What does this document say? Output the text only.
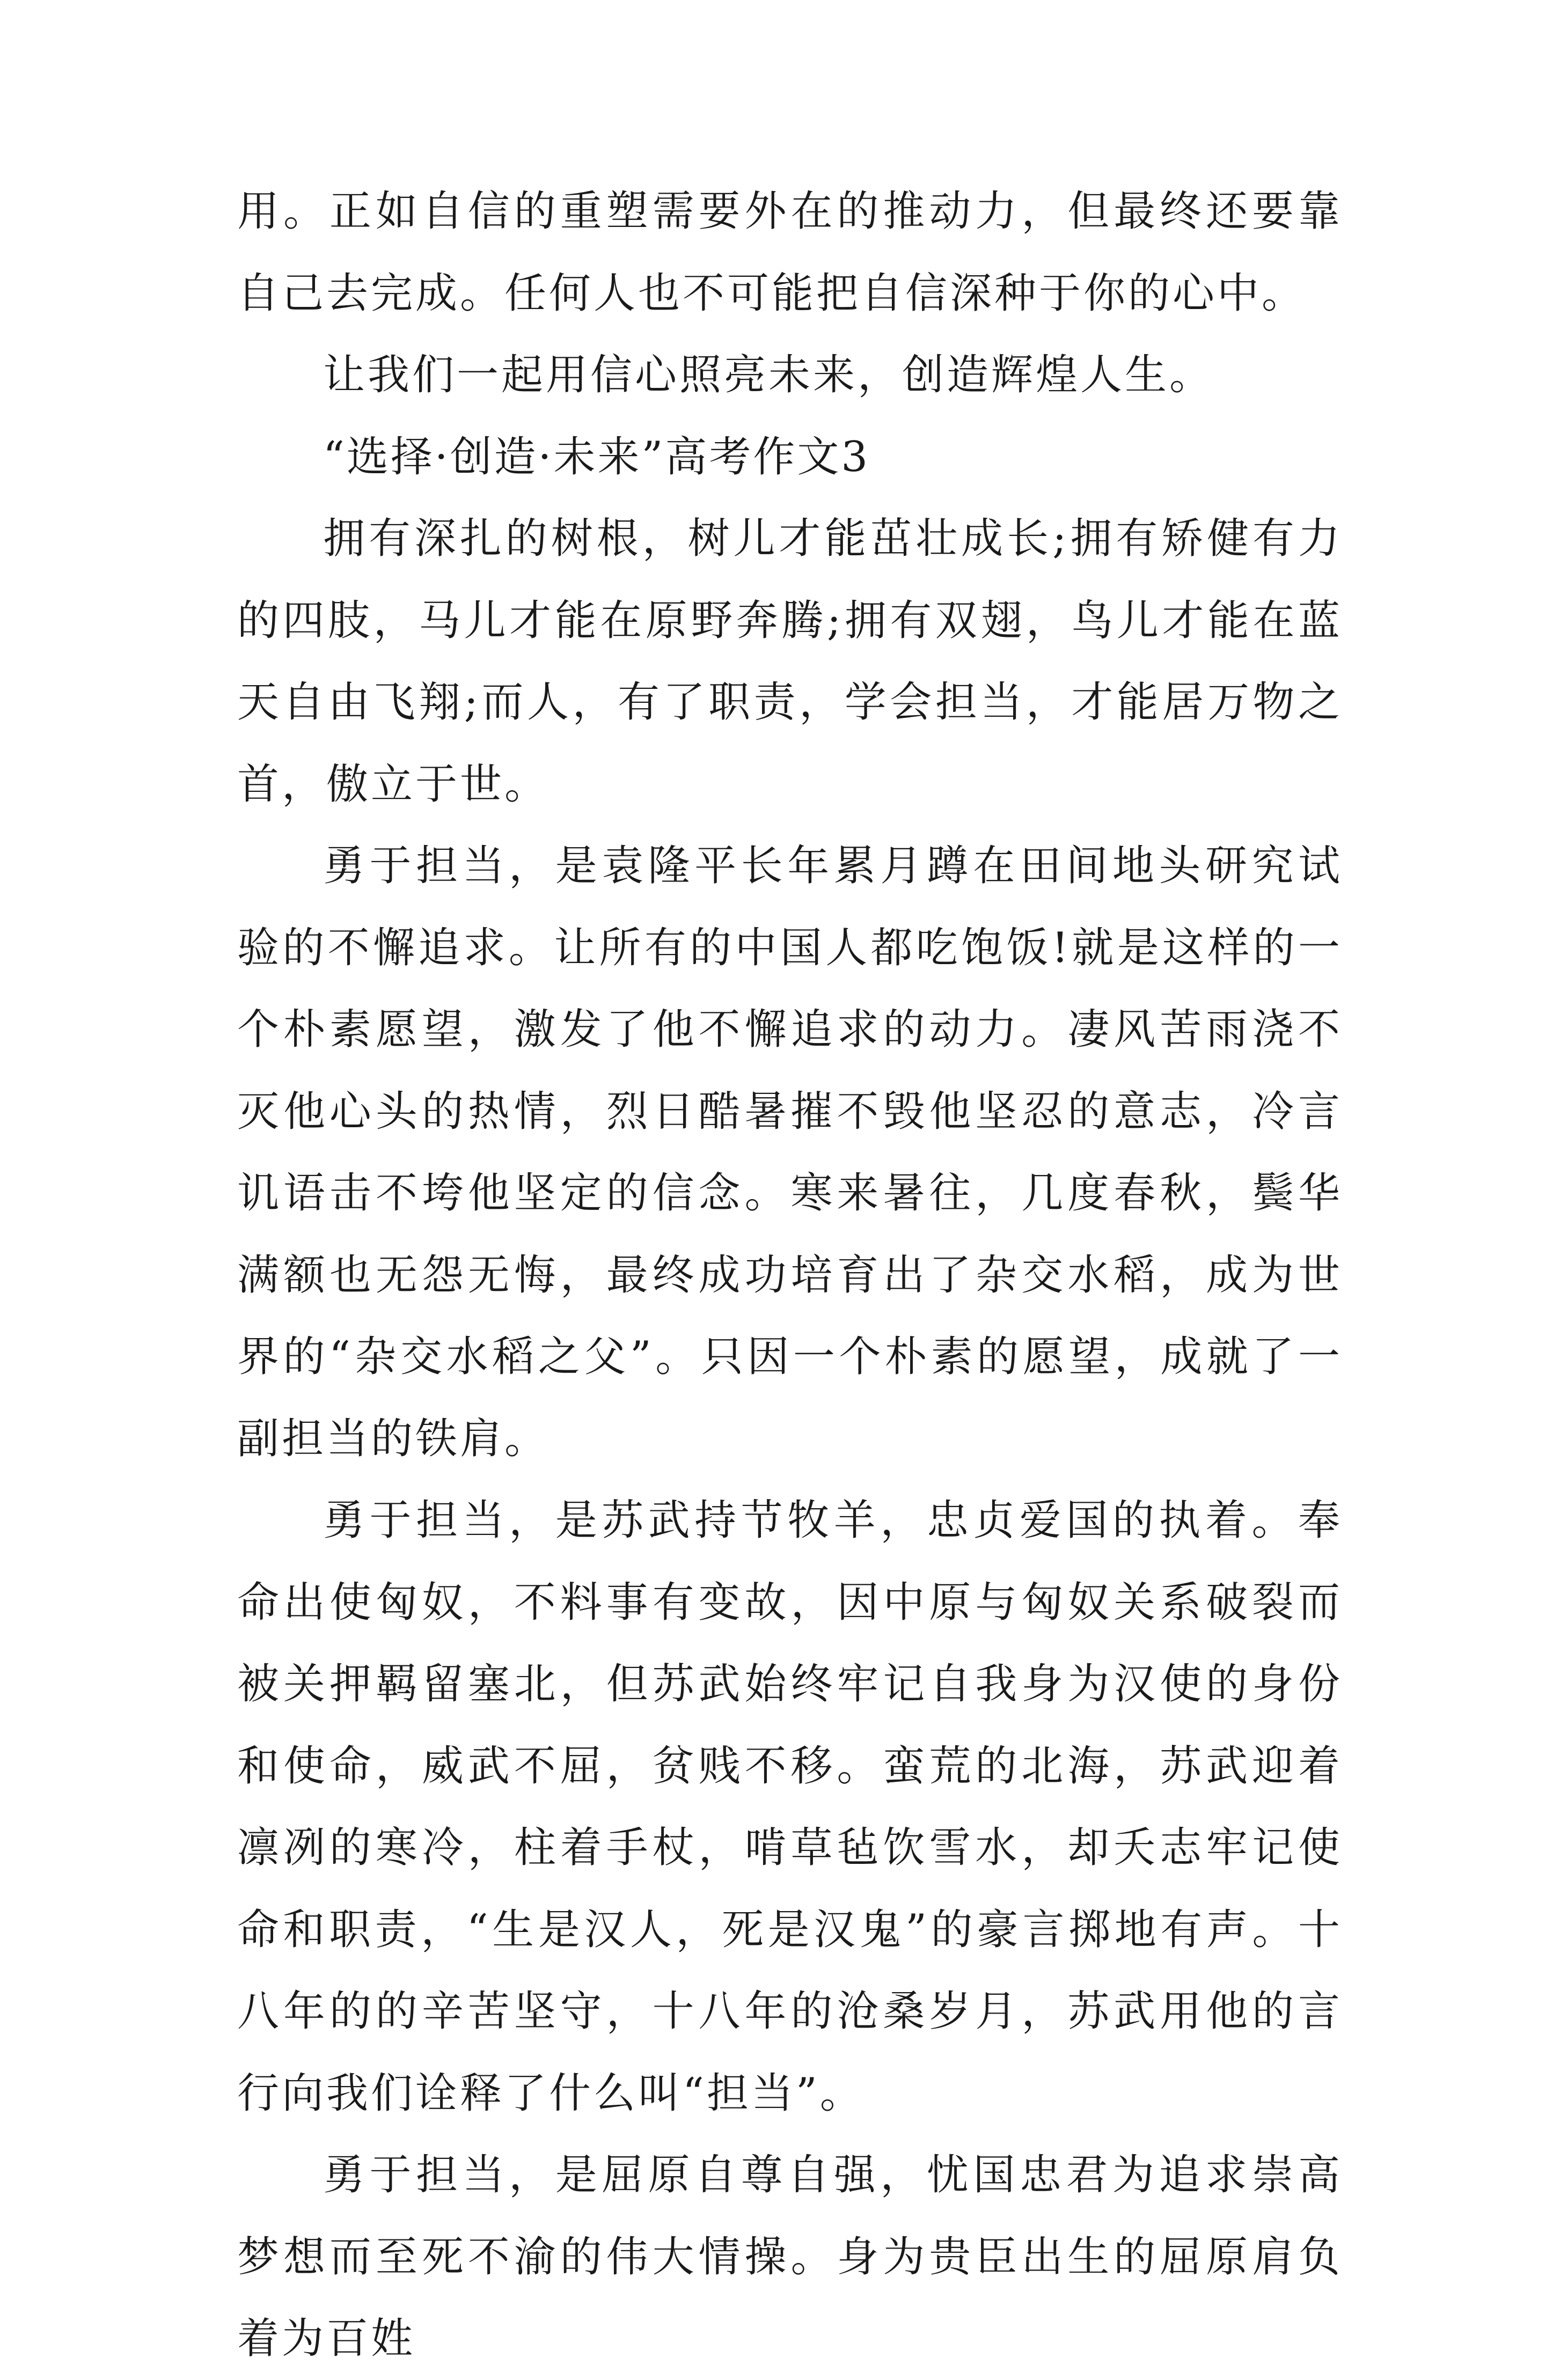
用。正如自信的重塑需要外在的推动力，但最终还要靠自己去完成。任何人也不可能把自信深种于你的心中。

让我们一起用信心照亮未来，创造辉煌人生。

“选择·创造·未来”高考作文3

拥有深扎的树根，树儿才能茁壮成长;拥有矫健有力的四肢，马儿才能在原野奔腾;拥有双翅，鸟儿才能在蓝天自由飞翔;而人，有了职责，学会担当，才能居万物之首，傲立于世。

勇于担当，是袁隆平长年累月蹲在田间地头研究试验的不懈追求。让所有的中国人都吃饱饭!就是这样的一个朴素愿望，激发了他不懈追求的动力。凄风苦雨浇不灭他心头的热情，烈日酷暑摧不毁他坚忍的意志，冷言讥语击不垮他坚定的信念。寒来暑往，几度春秋，鬓华满额也无怨无悔，最终成功培育出了杂交水稻，成为世界的“杂交水稻之父”。只因一个朴素的愿望，成就了一副担当的铁肩。

勇于担当，是苏武持节牧羊，忠贞爱国的执着。奉命出使匈奴，不料事有变故，因中原与匈奴关系破裂而被关押羁留塞北，但苏武始终牢记自我身为汉使的身份和使命，威武不屈，贫贱不移。蛮荒的北海，苏武迎着凛冽的寒冷，柱着手杖，啃草毡饮雪水，却夭志牢记使命和职责，“生是汉人，死是汉鬼”的豪言掷地有声。十八年的的辛苦坚守，十八年的沧桑岁月，苏武用他的言行向我们诠释了什么叫“担当”。

勇于担当，是屈原自尊自强，忧国忠君为追求崇高梦想而至死不渝的伟大情操。身为贵臣出生的屈原肩负着为百姓
